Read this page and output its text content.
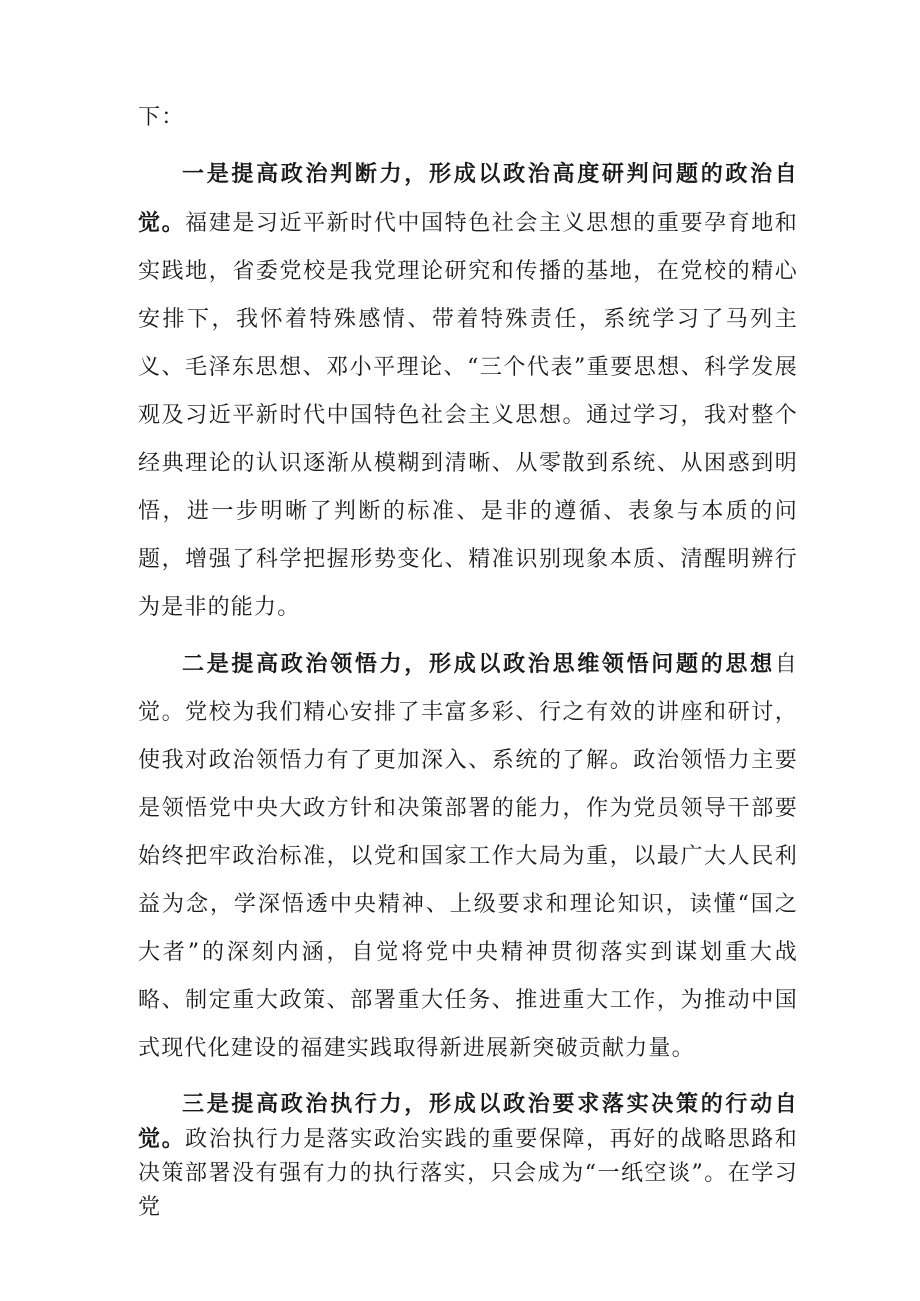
下：

一是提高政治判断力，形成以政治高度研判问题的政治自觉。福建是习近平新时代中国特色社会主义思想的重要孕育地和实践地，省委党校是我党理论研究和传播的基地，在党校的精心安排下，我怀着特殊感情、带着特殊责任，系统学习了马列主义、毛泽东思想、邓小平理论、“三个代表”重要思想、科学发展观及习近平新时代中国特色社会主义思想。通过学习，我对整个经典理论的认识逐渐从模糊到清晰、从零散到系统、从困惑到明悟，进一步明晰了判断的标准、是非的遵循、表象与本质的问题，增强了科学把握形势变化、精准识别现象本质、清醒明辨行为是非的能力。

二是提高政治领悟力，形成以政治思维领悟问题的思想自觉。党校为我们精心安排了丰富多彩、行之有效的讲座和研讨，使我对政治领悟力有了更加深入、系统的了解。政治领悟力主要是领悟党中央大政方针和决策部署的能力，作为党员领导干部要始终把牢政治标准，以党和国家工作大局为重，以最广大人民利益为念，学深悟透中央精神、上级要求和理论知识，读懂“国之大者”的深刻内涵，自觉将党中央精神贯彻落实到谋划重大战略、制定重大政策、部署重大任务、推进重大工作，为推动中国式现代化建设的福建实践取得新进展新突破贡献力量。

三是提高政治执行力，形成以政治要求落实决策的行动自觉。政治执行力是落实政治实践的重要保障，再好的战略思路和决策部署没有强有力的执行落实，只会成为“一纸空谈”。在学习党
